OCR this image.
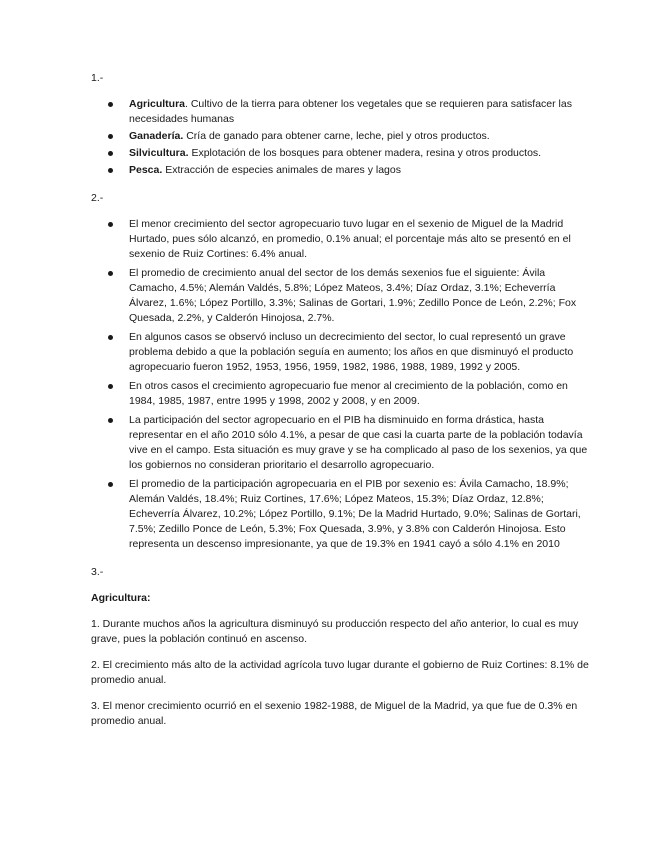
1.-
Agricultura. Cultivo de la tierra para obtener los vegetales que se requieren para satisfacer las necesidades humanas
Ganadería. Cría de ganado para obtener carne, leche, piel y otros productos.
Silvicultura. Explotación de los bosques para obtener madera, resina y otros productos.
Pesca. Extracción de especies animales de mares y lagos
2.-
El menor crecimiento del sector agropecuario tuvo lugar en el sexenio de Miguel de la Madrid Hurtado, pues sólo alcanzó, en promedio, 0.1% anual; el porcentaje más alto se presentó en el sexenio de Ruiz Cortines: 6.4% anual.
El promedio de crecimiento anual del sector de los demás sexenios fue el siguiente: Ávila Camacho, 4.5%; Alemán Valdés, 5.8%; López Mateos, 3.4%; Díaz Ordaz, 3.1%; Echeverría Álvarez, 1.6%; López Portillo, 3.3%; Salinas de Gortari, 1.9%; Zedillo Ponce de León, 2.2%; Fox Quesada, 2.2%, y Calderón Hinojosa, 2.7%.
En algunos casos se observó incluso un decrecimiento del sector, lo cual representó un grave problema debido a que la población seguía en aumento; los años en que disminuyó el producto agropecuario fueron 1952, 1953, 1956, 1959, 1982, 1986, 1988, 1989, 1992 y 2005.
En otros casos el crecimiento agropecuario fue menor al crecimiento de la población, como en 1984, 1985, 1987, entre 1995 y 1998, 2002 y 2008, y en 2009.
La participación del sector agropecuario en el PIB ha disminuido en forma drástica, hasta representar en el año 2010 sólo 4.1%, a pesar de que casi la cuarta parte de la población todavía vive en el campo. Esta situación es muy grave y se ha complicado al paso de los sexenios, ya que los gobiernos no consideran prioritario el desarrollo agropecuario.
El promedio de la participación agropecuaria en el PIB por sexenio es: Ávila Camacho, 18.9%; Alemán Valdés, 18.4%; Ruiz Cortines, 17.6%; López Mateos, 15.3%; Díaz Ordaz, 12.8%; Echeverría Álvarez, 10.2%; López Portillo, 9.1%; De la Madrid Hurtado, 9.0%; Salinas de Gortari, 7.5%; Zedillo Ponce de León, 5.3%; Fox Quesada, 3.9%, y 3.8% con Calderón Hinojosa. Esto representa un descenso impresionante, ya que de 19.3% en 1941 cayó a sólo 4.1% en 2010
3.-
Agricultura:

1. Durante muchos años la agricultura disminuyó su producción respecto del año anterior, lo cual es muy grave, pues la población continuó en ascenso.

2. El crecimiento más alto de la actividad agrícola tuvo lugar durante el gobierno de Ruiz Cortines: 8.1% de promedio anual.

3. El menor crecimiento ocurrió en el sexenio 1982-1988, de Miguel de la Madrid, ya que fue de 0.3% en promedio anual.
